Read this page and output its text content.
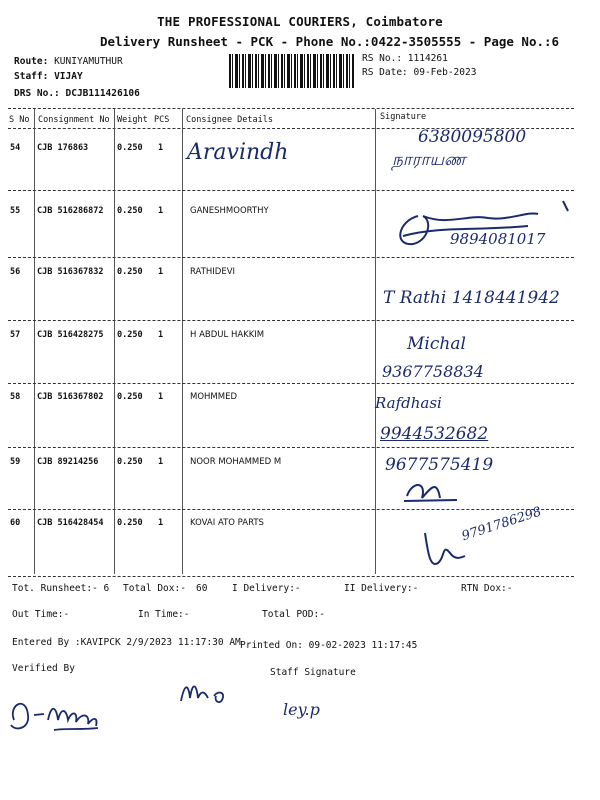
THE PROFESSIONAL COURIERS, Coimbatore
Delivery Runsheet - PCK - Phone No.:0422-3505555 - Page No.:6
Route: KUNIYAMUTHUR
Staff: VIJAY
DRS No.: DCJB111426106
RS No.: 1114261
RS Date: 09-Feb-2023
S No Consignment No Weight PCS Consignee Details	Signature
54 CJB 176863	0.250 1 Aravindh
6380095800
நாராயண
55 CJB 516286872 0.250 1	GANESHMOORTHY
9894081017
56 CJB 516367832 0.250 1	RATHIDEVI
T Rathi 1418441942
57 CJB 516428275 0.250 1	H ABDUL HAKKIM	Michal
9367758834
58 CJB 516367802 0.250 1	MOHMMED	Rafdhasi
9944532682
59 CJB 89214256 0.250 1	NOOR MOHAMMED M	9677575419
60 CJB 516428454 0.250 1	KOVAI ATO PARTS	9791786298
Tot. Runsheet:- 6 Total Dox:- 60	I Delivery:-	II Delivery:-	RTN Dox:-
Out Time:-	In Time:-	Total POD:-
Entered By :KAVIPCK 2/9/2023 11:17:30 AM Printed On: 09-02-2023 11:17:45
Verified By	Staff Signature
ley.p
